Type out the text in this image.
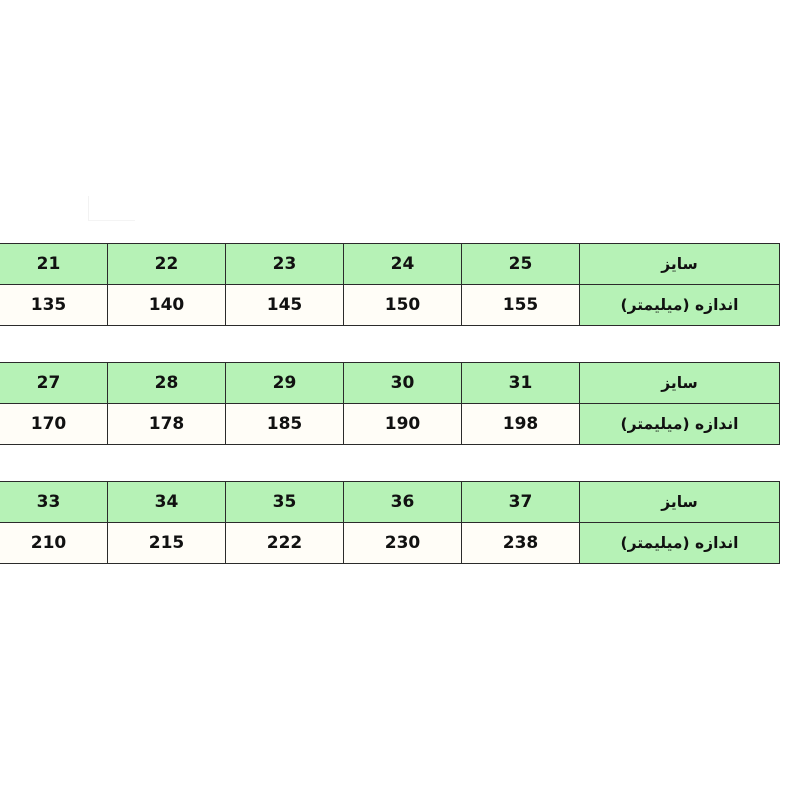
سایز	25	24	23	22	21	
اندازه (میلیمتر)	155	150	145	140	135	
سایز	31	30	29	28	27	
اندازه (میلیمتر)	198	190	185	178	170	
سایز	37	36	35	34	33	
اندازه (میلیمتر)	238	230	222	215	210	
